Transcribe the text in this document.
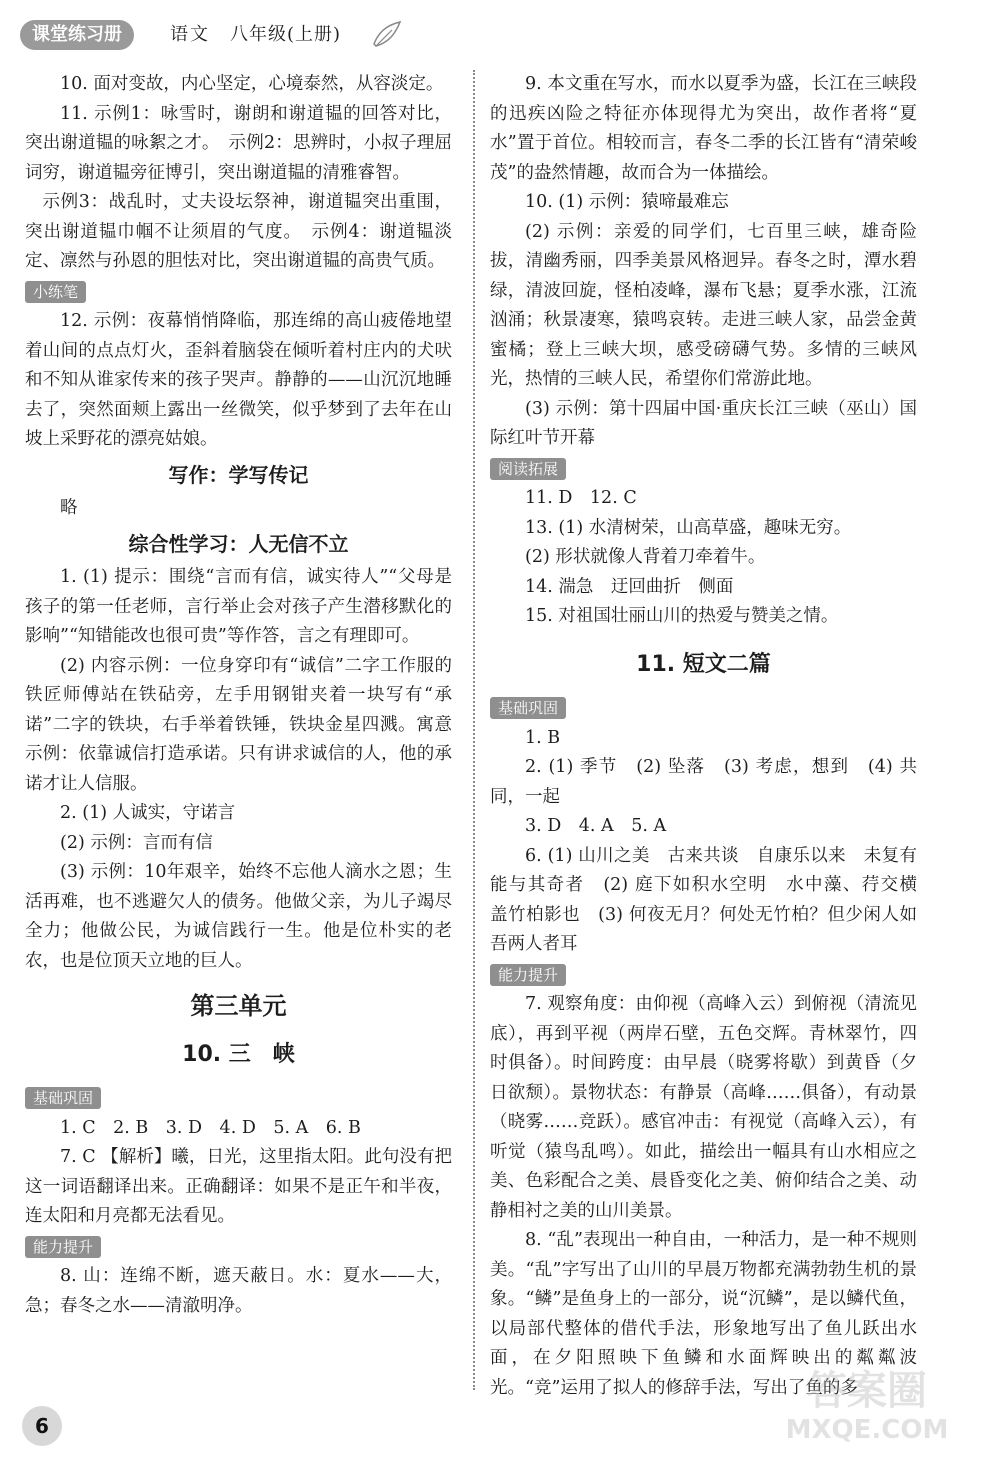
课堂练习册	语文 八年级(上册)

10. 面对变故，内心坚定，心境泰然，从容淡定。

11. 示例1：咏雪时，谢朗和谢道韫的回答对比，突出谢道韫的咏絮之才。　示例2：思辨时，小叔子理屈词穷，谢道韫旁征博引，突出谢道韫的清雅睿智。

示例3：战乱时，丈夫设坛祭神，谢道韫突出重围，突出谢道韫巾帼不让须眉的气度。　示例4：谢道韫淡定、凛然与孙恩的胆怯对比，突出谢道韫的高贵气质。

小练笔

12. 示例：夜幕悄悄降临，那连绵的高山疲倦地望着山间的点点灯火，歪斜着脑袋在倾听着村庄内的犬吠和不知从谁家传来的孩子哭声。静静的——山沉沉地睡去了，突然面颊上露出一丝微笑，似乎梦到了去年在山坡上采野花的漂亮姑娘。

写作：学写传记

略

综合性学习：人无信不立

1. (1) 提示：围绕“言而有信，诚实待人”“父母是孩子的第一任老师，言行举止会对孩子产生潜移默化的影响”“知错能改也很可贵”等作答，言之有理即可。

(2) 内容示例：一位身穿印有“诚信”二字工作服的铁匠师傅站在铁砧旁，左手用钢钳夹着一块写有“承诺”二字的铁块，右手举着铁锤，铁块金星四溅。寓意示例：依靠诚信打造承诺。只有讲求诚信的人，他的承诺才让人信服。

2. (1) 人诚实，守诺言

(2) 示例：言而有信

(3) 示例：10年艰辛，始终不忘他人滴水之恩；生活再难，也不逃避欠人的债务。他做父亲，为儿子竭尽全力；他做公民，为诚信践行一生。他是位朴实的老农，也是位顶天立地的巨人。

第三单元
10. 三　峡
基础巩固

1. C　2. B　3. D　4. D　5. A　6. B

7. C 【解析】曦，日光，这里指太阳。此句没有把这一词语翻译出来。正确翻译：如果不是正午和半夜，连太阳和月亮都无法看见。

能力提升

8. 山：连绵不断，遮天蔽日。水：夏水——大，急；春冬之水——清澈明净。

9. 本文重在写水，而水以夏季为盛，长江在三峡段的迅疾凶险之特征亦体现得尤为突出，故作者将“夏水”置于首位。相较而言，春冬二季的长江皆有“清荣峻茂”的盎然情趣，故而合为一体描绘。

10. (1) 示例：猿啼最难忘

(2) 示例：亲爱的同学们，七百里三峡，雄奇险拔，清幽秀丽，四季美景风格迥异。春冬之时，潭水碧绿，清波回旋，怪柏凌峰，瀑布飞悬；夏季水涨，江流汹涌；秋景凄寒，猿鸣哀转。走进三峡人家，品尝金黄蜜橘；登上三峡大坝，感受磅礴气势。多情的三峡风光，热情的三峡人民，希望你们常游此地。

(3) 示例：第十四届中国·重庆长江三峡（巫山）国际红叶节开幕

阅读拓展

11. D　12. C

13. (1) 水清树荣，山高草盛，趣味无穷。

(2) 形状就像人背着刀牵着牛。

14. 湍急　迂回曲折　侧面

15. 对祖国壮丽山川的热爱与赞美之情。

11. 短文二篇
基础巩固

1. B

2. (1) 季节　(2) 坠落　(3) 考虑，想到　(4) 共同，一起

3. D　4. A　5. A

6. (1) 山川之美　古来共谈　自康乐以来　未复有能与其奇者　(2) 庭下如积水空明　水中藻、荇交横　盖竹柏影也　(3) 何夜无月？何处无竹柏？但少闲人如吾两人者耳

能力提升

7. 观察角度：由仰视（高峰入云）到俯视（清流见底），再到平视（两岸石壁，五色交辉。青林翠竹，四时俱备）。时间跨度：由早晨（晓雾将歇）到黄昏（夕日欲颓）。景物状态：有静景（高峰……俱备），有动景（晓雾……竞跃）。感官冲击：有视觉（高峰入云），有听觉（猿鸟乱鸣）。如此，描绘出一幅具有山水相应之美、色彩配合之美、晨昏变化之美、俯仰结合之美、动静相衬之美的山川美景。

8. “乱”表现出一种自由，一种活力，是一种不规则美。“乱”字写出了山川的早晨万物都充满勃勃生机的景象。“鳞”是鱼身上的一部分，说“沉鳞”，是以鳞代鱼，以局部代整体的借代手法，形象地写出了鱼儿跃出水面，在夕阳照映下鱼鳞和水面辉映出的粼粼波光。“竞”运用了拟人的修辞手法，写出了鱼的多

6
答案圈
MXQE.COM
